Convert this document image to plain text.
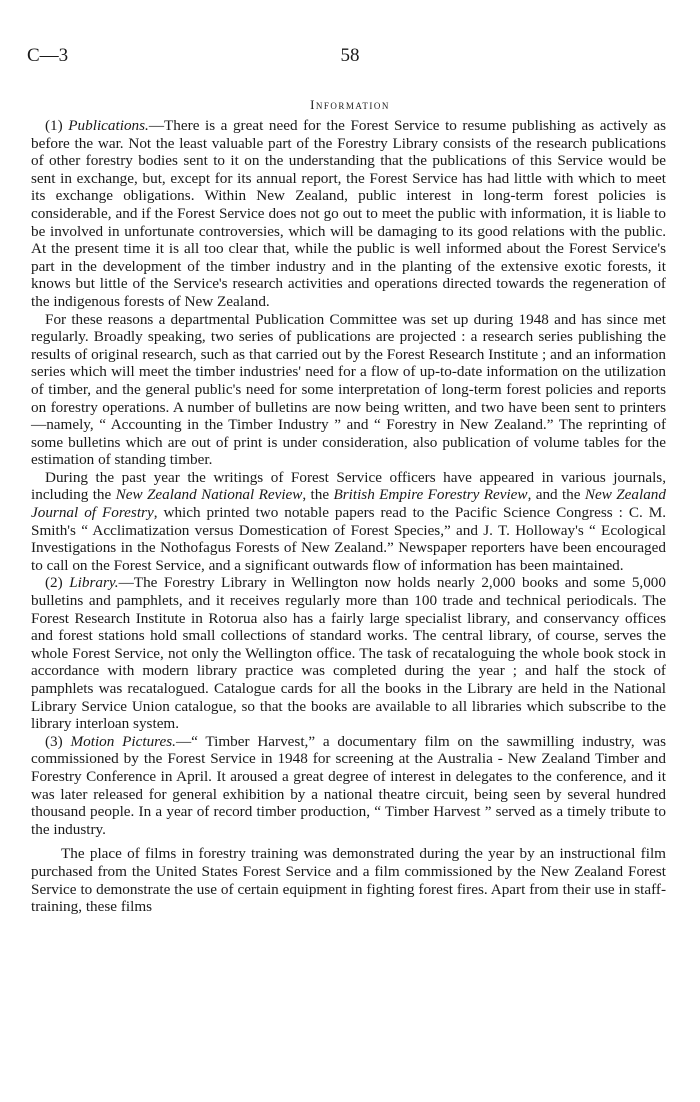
C—3	58
Information

(1) Publications.—There is a great need for the Forest Service to resume publishing as actively as before the war. Not the least valuable part of the Forestry Library consists of the research publications of other forestry bodies sent to it on the understanding that the publications of this Service would be sent in exchange, but, except for its annual report, the Forest Service has had little with which to meet its exchange obligations. Within New Zealand, public interest in long-term forest policies is considerable, and if the Forest Service does not go out to meet the public with information, it is liable to be involved in unfortunate controversies, which will be damaging to its good relations with the public. At the present time it is all too clear that, while the public is well informed about the Forest Service's part in the development of the timber industry and in the planting of the extensive exotic forests, it knows but little of the Service's research activities and operations directed towards the regeneration of the indigenous forests of New Zealand.

For these reasons a departmental Publication Committee was set up during 1948 and has since met regularly. Broadly speaking, two series of publications are projected : a research series publishing the results of original research, such as that carried out by the Forest Research Institute ; and an information series which will meet the timber industries' need for a flow of up-to-date information on the utilization of timber, and the general public's need for some interpretation of long-term forest policies and reports on forestry operations. A number of bulletins are now being written, and two have been sent to printers—namely, “ Accounting in the Timber Industry ” and “ Forestry in New Zealand.” The reprinting of some bulletins which are out of print is under consideration, also publication of volume tables for the estimation of standing timber.

During the past year the writings of Forest Service officers have appeared in various journals, including the New Zealand National Review, the British Empire Forestry Review, and the New Zealand Journal of Forestry, which printed two notable papers read to the Pacific Science Congress : C. M. Smith's “ Acclimatization versus Domestication of Forest Species,” and J. T. Holloway's “ Ecological Investigations in the Nothofagus Forests of New Zealand.” Newspaper reporters have been encouraged to call on the Forest Service, and a significant outwards flow of information has been maintained.

(2) Library.—The Forestry Library in Wellington now holds nearly 2,000 books and some 5,000 bulletins and pamphlets, and it receives regularly more than 100 trade and technical periodicals. The Forest Research Institute in Rotorua also has a fairly large specialist library, and conservancy offices and forest stations hold small collections of standard works. The central library, of course, serves the whole Forest Service, not only the Wellington office. The task of recataloguing the whole book stock in accordance with modern library practice was completed during the year ; and half the stock of pamphlets was recatalogued. Catalogue cards for all the books in the Library are held in the National Library Service Union catalogue, so that the books are available to all libraries which subscribe to the library interloan system.

(3) Motion Pictures.—“ Timber Harvest,” a documentary film on the sawmilling industry, was commissioned by the Forest Service in 1948 for screening at the Australia - New Zealand Timber and Forestry Conference in April. It aroused a great degree of interest in delegates to the conference, and it was later released for general exhibition by a national theatre circuit, being seen by several hundred thousand people. In a year of record timber production, “ Timber Harvest ” served as a timely tribute to the industry.

The place of films in forestry training was demonstrated during the year by an instructional film purchased from the United States Forest Service and a film commissioned by the New Zealand Forest Service to demonstrate the use of certain equipment in fighting forest fires. Apart from their use in staff-training, these films
